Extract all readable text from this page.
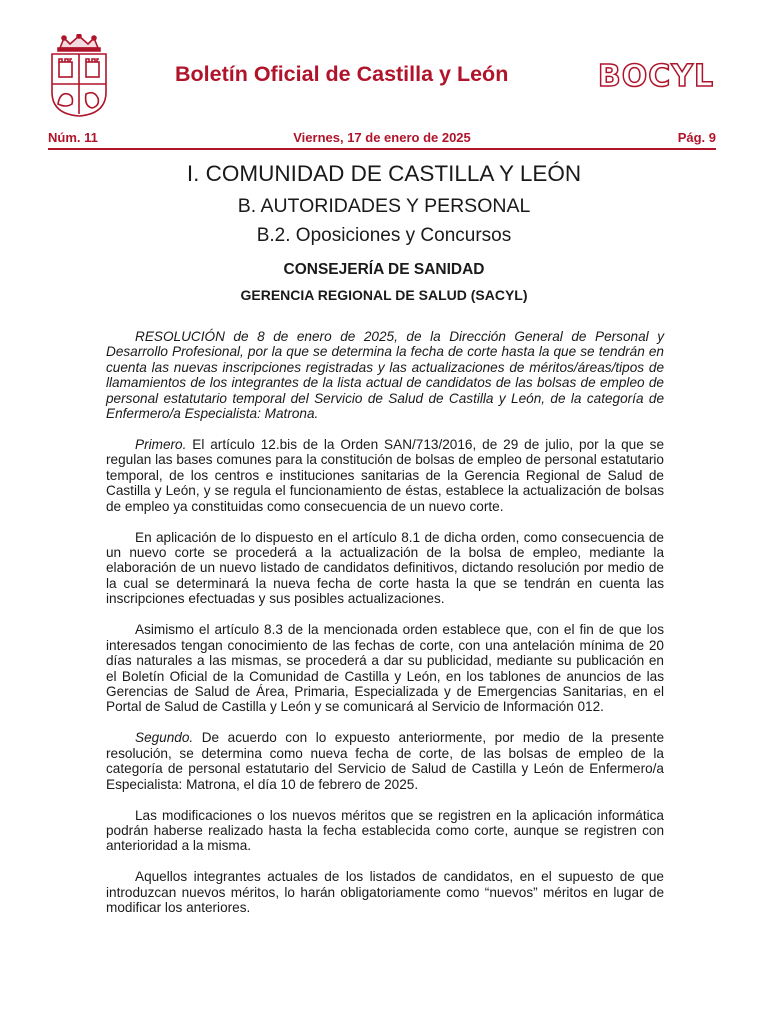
Boletín Oficial de Castilla y León	BOCYL
Núm. 11	Viernes, 17 de enero de 2025	Pág. 9
I. COMUNIDAD DE CASTILLA Y LEÓN
B. AUTORIDADES Y PERSONAL
B.2. Oposiciones y Concursos
CONSEJERÍA DE SANIDAD
GERENCIA REGIONAL DE SALUD (SACYL)

RESOLUCIÓN de 8 de enero de 2025, de la Dirección General de Personal y Desarrollo Profesional, por la que se determina la fecha de corte hasta la que se tendrán en cuenta las nuevas inscripciones registradas y las actualizaciones de méritos/áreas/tipos de llamamientos de los integrantes de la lista actual de candidatos de las bolsas de empleo de personal estatutario temporal del Servicio de Salud de Castilla y León, de la categoría de Enfermero/a Especialista: Matrona.

Primero. El artículo 12.bis de la Orden SAN/713/2016, de 29 de julio, por la que se regulan las bases comunes para la constitución de bolsas de empleo de personal estatutario temporal, de los centros e instituciones sanitarias de la Gerencia Regional de Salud de Castilla y León, y se regula el funcionamiento de éstas, establece la actualización de bolsas de empleo ya constituidas como consecuencia de un nuevo corte.

En aplicación de lo dispuesto en el artículo 8.1 de dicha orden, como consecuencia de un nuevo corte se procederá a la actualización de la bolsa de empleo, mediante la elaboración de un nuevo listado de candidatos definitivos, dictando resolución por medio de la cual se determinará la nueva fecha de corte hasta la que se tendrán en cuenta las inscripciones efectuadas y sus posibles actualizaciones.

Asimismo el artículo 8.3 de la mencionada orden establece que, con el fin de que los interesados tengan conocimiento de las fechas de corte, con una antelación mínima de 20 días naturales a las mismas, se procederá a dar su publicidad, mediante su publicación en el Boletín Oficial de la Comunidad de Castilla y León, en los tablones de anuncios de las Gerencias de Salud de Área, Primaria, Especializada y de Emergencias Sanitarias, en el Portal de Salud de Castilla y León y se comunicará al Servicio de Información 012.

Segundo. De acuerdo con lo expuesto anteriormente, por medio de la presente resolución, se determina como nueva fecha de corte, de las bolsas de empleo de la categoría de personal estatutario del Servicio de Salud de Castilla y León de Enfermero/a Especialista: Matrona, el día 10 de febrero de 2025.

Las modificaciones o los nuevos méritos que se registren en la aplicación informática podrán haberse realizado hasta la fecha establecida como corte, aunque se registren con anterioridad a la misma.

Aquellos integrantes actuales de los listados de candidatos, en el supuesto de que introduzcan nuevos méritos, lo harán obligatoriamente como “nuevos” méritos en lugar de modificar los anteriores.
